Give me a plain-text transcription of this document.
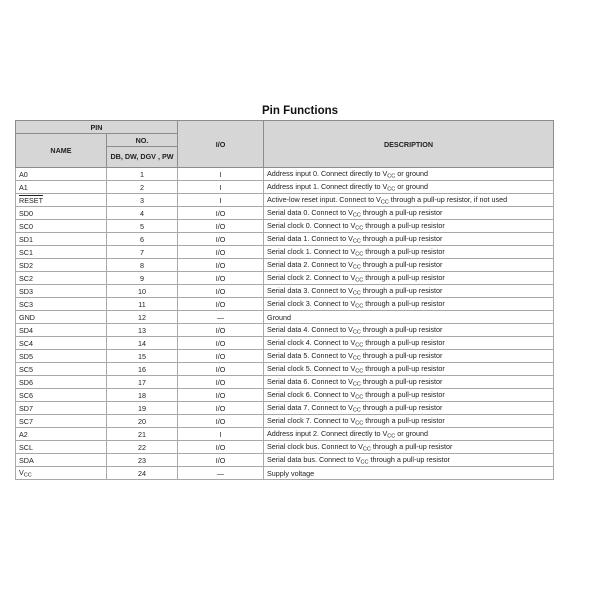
Pin Functions
PIN		I/O	DESCRIPTION
NAME	NO.		
	DB, DW, DGV , PW		
A0	1	I	Address input 0. Connect directly to $V_{CC}$ or ground
A1	2	I	Address input 1. Connect directly to $V_{CC}$ or ground
RESET	3	I	Active-low reset input. Connect to $V_{CC}$ through a pull-up resistor, if not used
SD0	4	I/O	Serial data 0. Connect to $V_{CC}$ through a pull-up resistor
SC0	5	I/O	Serial clock 0. Connect to $V_{CC}$ through a pull-up resistor
SD1	6	I/O	Serial data 1. Connect to $V_{CC}$ through a pull-up resistor
SC1	7	I/O	Serial clock 1. Connect to $V_{CC}$ through a pull-up resistor
SD2	8	I/O	Serial data 2. Connect to $V_{CC}$ through a pull-up resistor
SC2	9	I/O	Serial clock 2. Connect to $V_{CC}$ through a pull-up resistor
SD3	10	I/O	Serial data 3. Connect to $V_{CC}$ through a pull-up resistor
SC3	11	I/O	Serial clock 3. Connect to $V_{CC}$ through a pull-up resistor
GND	12	—	Ground
SD4	13	I/O	Serial data 4. Connect to $V_{CC}$ through a pull-up resistor
SC4	14	I/O	Serial clock 4. Connect to $V_{CC}$ through a pull-up resistor
SD5	15	I/O	Serial data 5. Connect to $V_{CC}$ through a pull-up resistor
SC5	16	I/O	Serial clock 5. Connect to $V_{CC}$ through a pull-up resistor
SD6	17	I/O	Serial data 6. Connect to $V_{CC}$ through a pull-up resistor
SC6	18	I/O	Serial clock 6. Connect to $V_{CC}$ through a pull-up resistor
SD7	19	I/O	Serial data 7. Connect to $V_{CC}$ through a pull-up resistor
SC7	20	I/O	Serial clock 7. Connect to $V_{CC}$ through a pull-up resistor
A2	21	I	Address input 2. Connect directly to $V_{CC}$ or ground
SCL	22	I/O	Serial clock bus. Connect to $V_{CC}$ through a pull-up resistor
SDA	23	I/O	Serial data bus. Connect to $V_{CC}$ through a pull-up resistor
$V_{CC}$	24	—	Supply voltage
